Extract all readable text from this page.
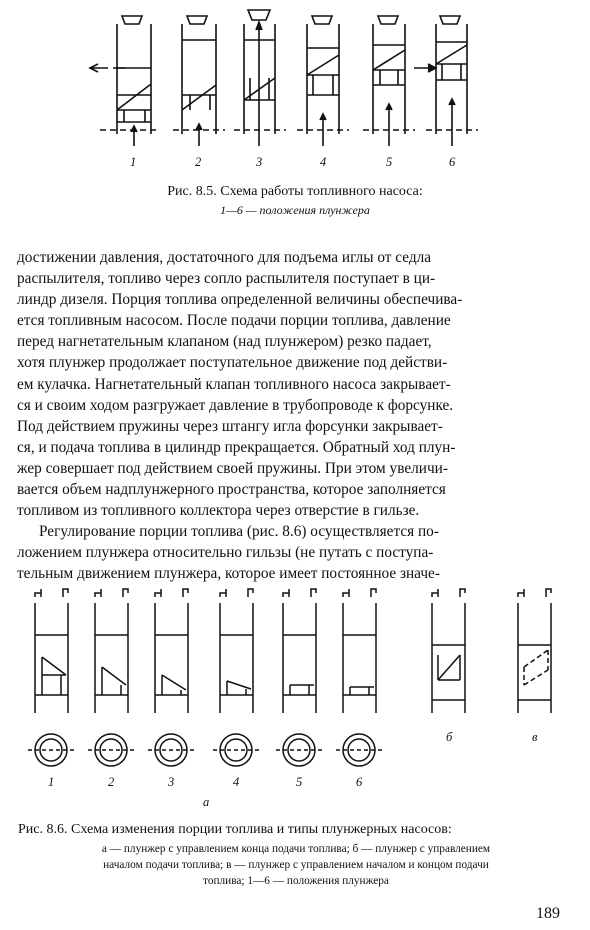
1	2	3	4	5	6
Рис. 8.5. Схема работы топливного насоса:
1—6 — положения плунжера

достижении давления, достаточного для подъема иглы от седла

распылителя, топливо через сопло распылителя поступает в ци-

линдр дизеля. Порция топлива определенной величины обеспечива-

ется топливным насосом. После подачи порции топлива, давление

перед нагнетательным клапаном (над плунжером) резко падает,

хотя плунжер продолжает поступательное движение под действи-

ем кулачка. Нагнетательный клапан топливного насоса закрывает-

ся и своим ходом разгружает давление в трубопроводе к форсунке.

Под действием пружины через штангу игла форсунки закрывает-

ся, и подача топлива в цилиндр прекращается. Обратный ход плун-

жер совершает под действием своей пружины. При этом увеличи-

вается объем надплунжерного пространства, которое заполняется

топливом из топливного коллектора через отверстие в гильзе.

Регулирование порции топлива (рис. 8.6) осуществляется по-

ложением плунжера относительно гильзы (не путать с поступа-

тельным движением плунжера, которое имеет постоянное значе-

1	2	3	4	5	6
а
б	в
Рис. 8.6. Схема изменения порции топлива и типы плунжерных насосов:
а — плунжер с управлением конца подачи топлива; б — плунжер с управлением
началом подачи топлива; в — плунжер с управлением началом и концом подачи
топлива; 1—6 — положения плунжера
189
